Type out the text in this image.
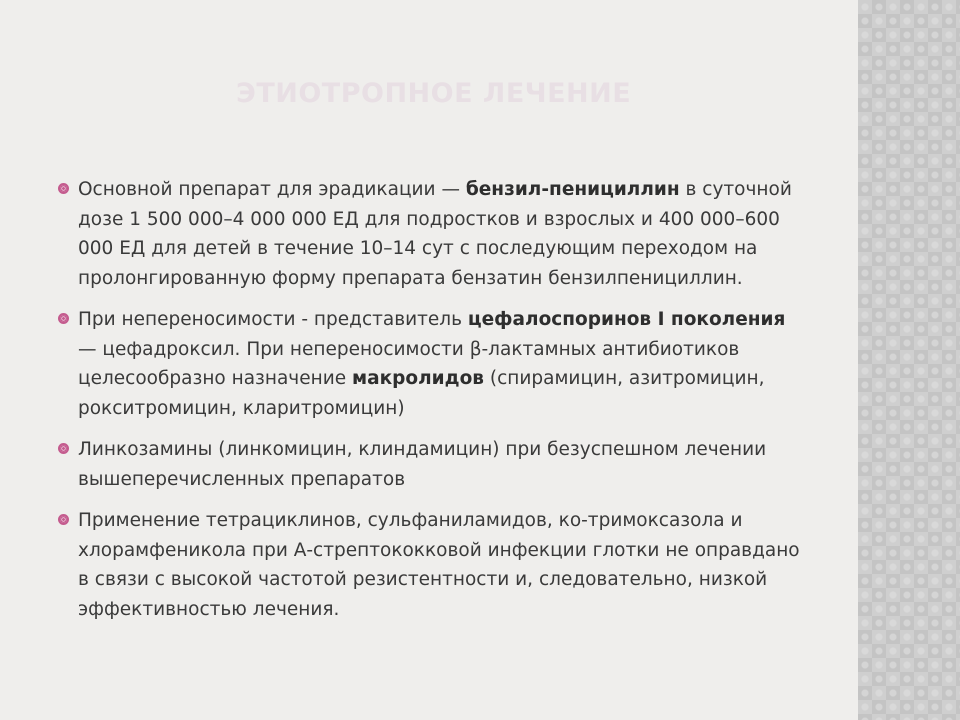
ЭТИОТРОПНОЕ ЛЕЧЕНИЕ
Основной препарат для эрадикации — бензил-пенициллин в суточной дозе 1 500 000–4 000 000 ЕД для подростков и взрослых и 400 000–600 000 ЕД для детей в течение 10–14 сут с последующим переходом на пролонгированную форму препарата бензатин бензилпенициллин.
При непереносимости - представитель цефалоспоринов I поколения — цефадроксил. При непереносимости β-лактамных антибиотиков целесообразно назначение макролидов (спирамицин, азитромицин, рокситромицин, кларитромицин)
Линкозамины (линкомицин, клиндамицин) при безуспешном лечении вышеперечисленных препаратов
Применение тетрациклинов, сульфаниламидов, ко-тримоксазола и хлорамфеникола при А-стрептококковой инфекции глотки не оправдано в связи с высокой частотой резистентности и, следовательно, низкой эффективностью лечения.
